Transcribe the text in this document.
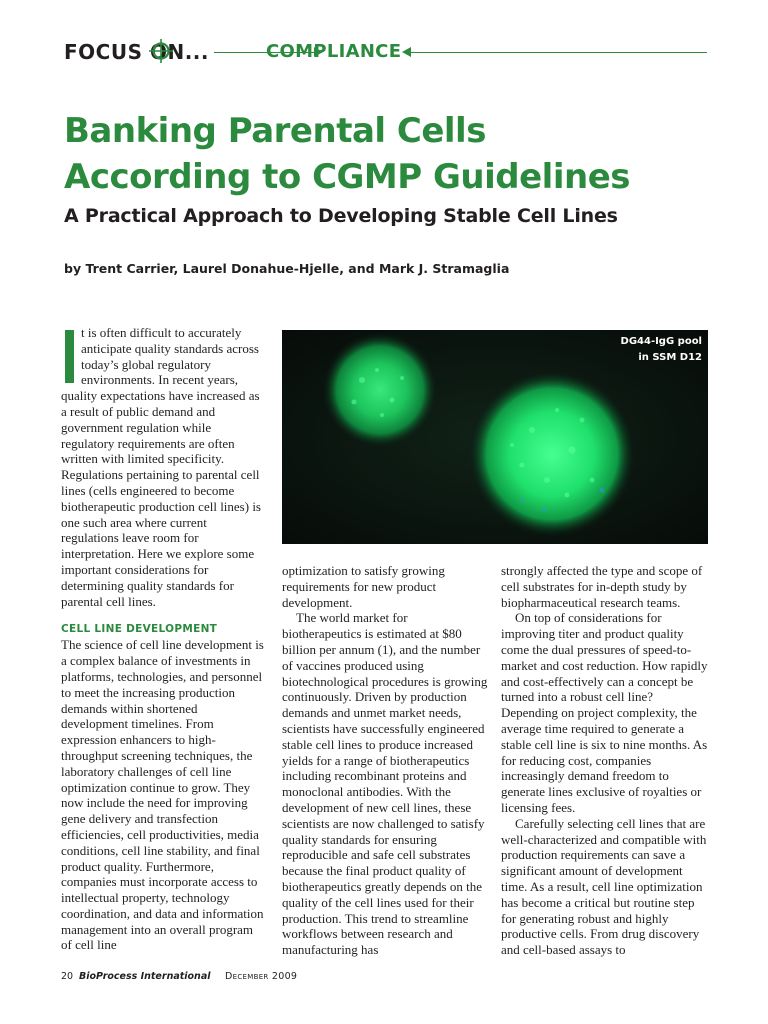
FOCUS ON...	COMPLIANCE
Banking Parental Cells
According to CGMP Guidelines
A Practical Approach to Developing Stable Cell Lines
by Trent Carrier, Laurel Donahue-Hjelle, and Mark J. Stramaglia

t is often difficult to accurately
anticipate quality standards across
today’s global regulatory
environments. In recent years,
quality expectations have increased as a result of public demand and government regulation while regulatory requirements are often written with limited specificity. Regulations pertaining to parental cell lines (cells engineered to become biotherapeutic production cell lines) is one such area where current regulations leave room for interpretation. Here we explore some important considerations for determining quality standards for parental cell lines.

CELL LINE DEVELOPMENT

The science of cell line development is a complex balance of investments in platforms, technologies, and personnel to meet the increasing production demands within shortened development timelines. From expression enhancers to high-throughput screening techniques, the laboratory challenges of cell line optimization continue to grow. They now include the need for improving gene delivery and transfection efficiencies, cell productivities, media conditions, cell line stability, and final product quality. Furthermore, companies must incorporate access to intellectual property, technology coordination, and data and information management into an overall program of cell line

DG44-IgG pool
in SSM D12

optimization to satisfy growing requirements for new product development.

The world market for biotherapeutics is estimated at $80 billion per annum (1), and the number of vaccines produced using biotechnological procedures is growing continuously. Driven by production demands and unmet market needs, scientists have successfully engineered stable cell lines to produce increased yields for a range of biotherapeutics including recombinant proteins and monoclonal antibodies. With the development of new cell lines, these scientists are now challenged to satisfy quality standards for ensuring reproducible and safe cell substrates because the final product quality of biotherapeutics greatly depends on the quality of the cell lines used for their production. This trend to streamline workflows between research and manufacturing has

strongly affected the type and scope of cell substrates for in-depth study by biopharmaceutical research teams.

On top of considerations for improving titer and product quality come the dual pressures of speed-to-market and cost reduction. How rapidly and cost-effectively can a concept be turned into a robust cell line? Depending on project complexity, the average time required to generate a stable cell line is six to nine months. As for reducing cost, companies increasingly demand freedom to generate lines exclusive of royalties or licensing fees.

Carefully selecting cell lines that are well-characterized and compatible with production requirements can save a significant amount of development time. As a result, cell line optimization has become a critical but routine step for generating robust and highly productive cells. From drug discovery and cell-based assays to

20 BioProcess International December 2009
